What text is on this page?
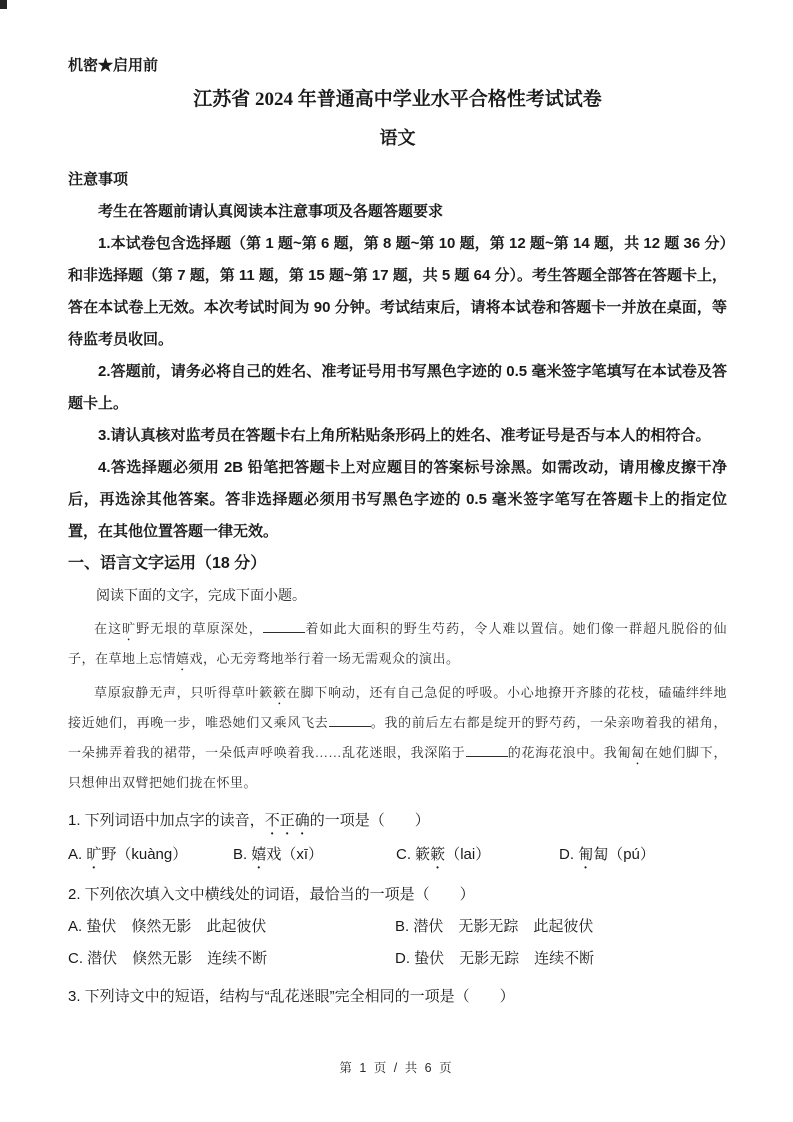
机密★启用前
江苏省 2024 年普通高中学业水平合格性考试试卷
语文
注意事项

考生在答题前请认真阅读本注意事项及各题答题要求

1.本试卷包含选择题（第 1 题~第 6 题，第 8 题~第 10 题，第 12 题~第 14 题，共 12 题 36 分）和非选择题（第 7 题，第 11 题，第 15 题~第 17 题，共 5 题 64 分）。考生答题全部答在答题卡上，答在本试卷上无效。本次考试时间为 90 分钟。考试结束后，请将本试卷和答题卡一并放在桌面，等待监考员收回。

2.答题前，请务必将自己的姓名、准考证号用书写黑色字迹的 0.5 毫米签字笔填写在本试卷及答题卡上。

3.请认真核对监考员在答题卡右上角所粘贴条形码上的姓名、准考证号是否与本人的相符合。

4.答选择题必须用 2B 铅笔把答题卡上对应题目的答案标号涂黑。如需改动，请用橡皮擦干净后，再选涂其他答案。答非选择题必须用书写黑色字迹的 0.5 毫米签字笔写在答题卡上的指定位置，在其他位置答题一律无效。

一、语言文字运用（18 分）

阅读下面的文字，完成下面小题。

在这旷野无垠的草原深处，	着如此大面积的野生芍药，令人难以置信。她们像一群超凡脱俗的仙子，在草地上忘情嬉戏，心无旁骛地举行着一场无需观众的演出。

草原寂静无声，只听得草叶簌簌在脚下响动，还有自己急促的呼吸。小心地撩开齐膝的花枝，磕磕绊绊地接近她们，再晚一步，唯恐她们又乘风飞去	。我的前后左右都是绽开的野芍药，一朵亲吻着我的裙角，一朵拂弄着我的裙带，一朵低声呼唤着我……乱花迷眼，我深陷于	的花海花浪中。我匍匐在她们脚下，只想伸出双臂把她们拢在怀里。

1. 下列词语中加点字的读音，不正确的一项是（　　）

A. 旷野（kuàng）	B. 嬉戏（xī）	C. 簌簌（lai）	D. 匍匐（pú）

2. 下列依次填入文中横线处的词语，最恰当的一项是（　　）

A. 蛰伏　倏然无影　此起彼伏	B. 潜伏　无影无踪　此起彼伏
C. 潜伏　倏然无影　连续不断	D. 蛰伏　无影无踪　连续不断

3. 下列诗文中的短语，结构与“乱花迷眼”完全相同的一项是（　　）

第 1 页 / 共 6 页
